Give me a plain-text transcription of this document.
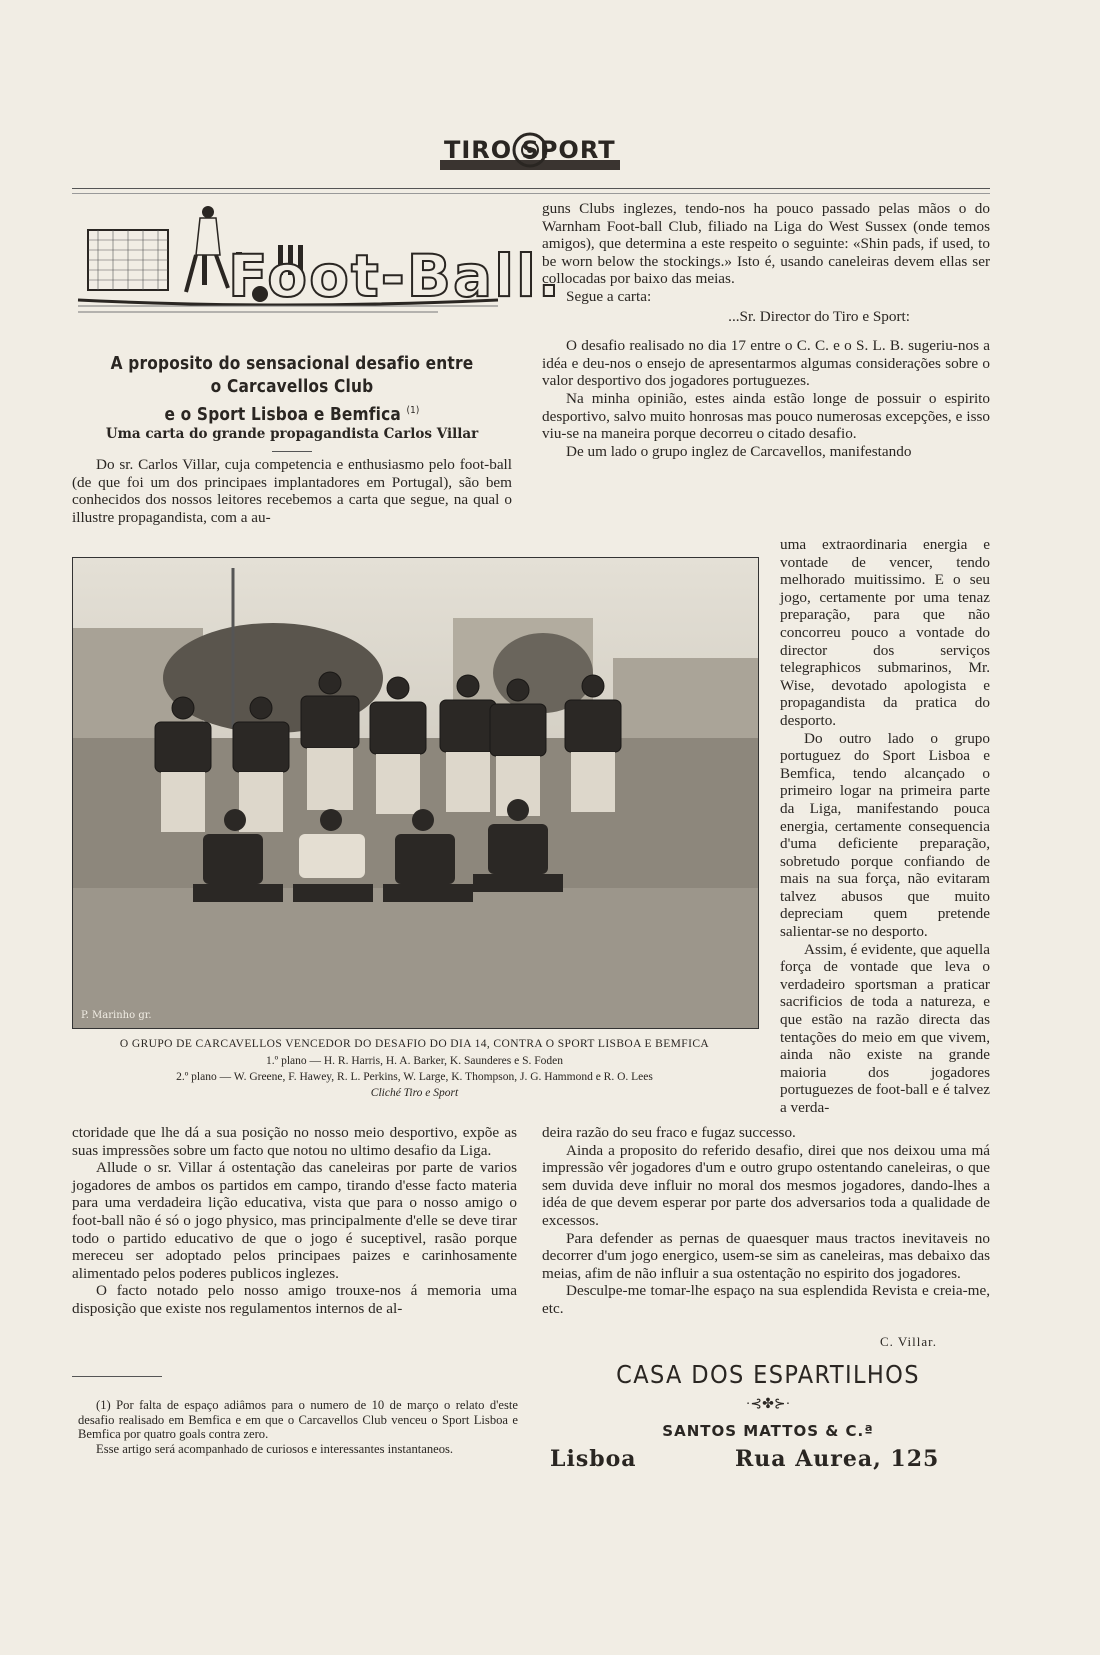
TIRO SPORT
Foot-Ball.
A proposito do sensacional desafio entre o Carcavellos Club
e o Sport Lisboa e Bemfica $^{(1)}$
Uma carta do grande propagandista Carlos Villar

Do sr. Carlos Villar, cuja competencia e enthusiasmo pelo foot-ball (de que foi um dos principaes implantadores em Portugal), são bem conhecidos dos nossos leitores recebemos a carta que segue, na qual o illustre propagandista, com a au-

guns Clubs inglezes, tendo-nos ha pouco passado pelas mãos o do Warnham Foot-ball Club, filiado na Liga do West Sussex (onde temos amigos), que determina a este respeito o seguinte: «Shin pads, if used, to be worn below the stockings.» Isto é, usando caneleiras devem ellas ser collocadas por baixo das meias.

Segue a carta:

...Sr. Director do Tiro e Sport:

O desafio realisado no dia 17 entre o C. C. e o S. L. B. sugeriu-nos a idéa e deu-nos o ensejo de apresentarmos algumas considerações sobre o valor desportivo dos jogadores portuguezes.

Na minha opinião, estes ainda estão longe de possuir o espirito desportivo, salvo muito honrosas mas pouco numerosas excepções, e isso viu-se na maneira porque decorreu o citado desafio.

De um lado o grupo inglez de Carcavellos, manifestando

P. Marinho gr.
O GRUPO DE CARCAVELLOS VENCEDOR DO DESAFIO DO DIA 14, CONTRA O SPORT LISBOA E BEMFICA
1.º plano — H. R. Harris, H. A. Barker, K. Saunderes e S. Foden
2.º plano — W. Greene, F. Hawey, R. L. Perkins, W. Large, K. Thompson, J. G. Hammond e R. O. Lees
Cliché Tiro e Sport

uma extraordinaria energia e vontade de vencer, tendo melhorado muitissimo. E o seu jogo, certamente por uma tenaz preparação, para que não concorreu pouco a vontade do director dos serviços telegraphicos submarinos, Mr. Wise, devotado apologista e propagandista da pratica do desporto.

Do outro lado o grupo portuguez do Sport Lisboa e Bemfica, tendo alcançado o primeiro logar na primeira parte da Liga, manifestando pouca energia, certamente consequencia d'uma deficiente preparação, sobretudo porque confiando de mais na sua força, não evitaram talvez abusos que muito depreciam quem pretende salientar-se no desporto.

Assim, é evidente, que aquella força de vontade que leva o verdadeiro sportsman a praticar sacrificios de toda a natureza, e que estão na razão directa das tentações do meio em que vivem, ainda não existe na grande maioria dos jogadores portuguezes de foot-ball e é talvez a verda-

ctoridade que lhe dá a sua posição no nosso meio desportivo, expõe as suas impressões sobre um facto que notou no ultimo desafio da Liga.

Allude o sr. Villar á ostentação das caneleiras por parte de varios jogadores de ambos os partidos em campo, tirando d'esse facto materia para uma verdadeira lição educativa, vista que para o nosso amigo o foot-ball não é só o jogo physico, mas principalmente d'elle se deve tirar todo o partido educativo de que o jogo é suceptivel, rasão porque mereceu ser adoptado pelos principaes paizes e carinhosamente alimentado pelos poderes publicos inglezes.

O facto notado pelo nosso amigo trouxe-nos á memoria uma disposição que existe nos regulamentos internos de al-

deira razão do seu fraco e fugaz successo.

Ainda a proposito do referido desafio, direi que nos deixou uma má impressão vêr jogadores d'um e outro grupo ostentando caneleiras, o que sem duvida deve influir no moral dos mesmos jogadores, dando-lhes a idéa de que devem esperar por parte dos adversarios toda a qualidade de excessos.

Para defender as pernas de quaesquer maus tractos inevitaveis no decorrer d'um jogo energico, usem-se sim as caneleiras, mas debaixo das meias, afim de não influir a sua ostentação no espirito dos jogadores.

Desculpe-me tomar-lhe espaço na sua esplendida Revista e creia-me, etc.

C. Villar.

(1) Por falta de espaço adiâmos para o numero de 10 de março o relato d'este desafio realisado em Bemfica e em que o Carcavellos Club venceu o Sport Lisboa e Bemfica por quatro goals contra zero.

Esse artigo será acompanhado de curiosos e interessantes instantaneos.

CASA DOS ESPARTILHOS
·⊰✤⊱·
SANTOS MATTOS & C.ª
Lisboa	Rua Aurea, 125
